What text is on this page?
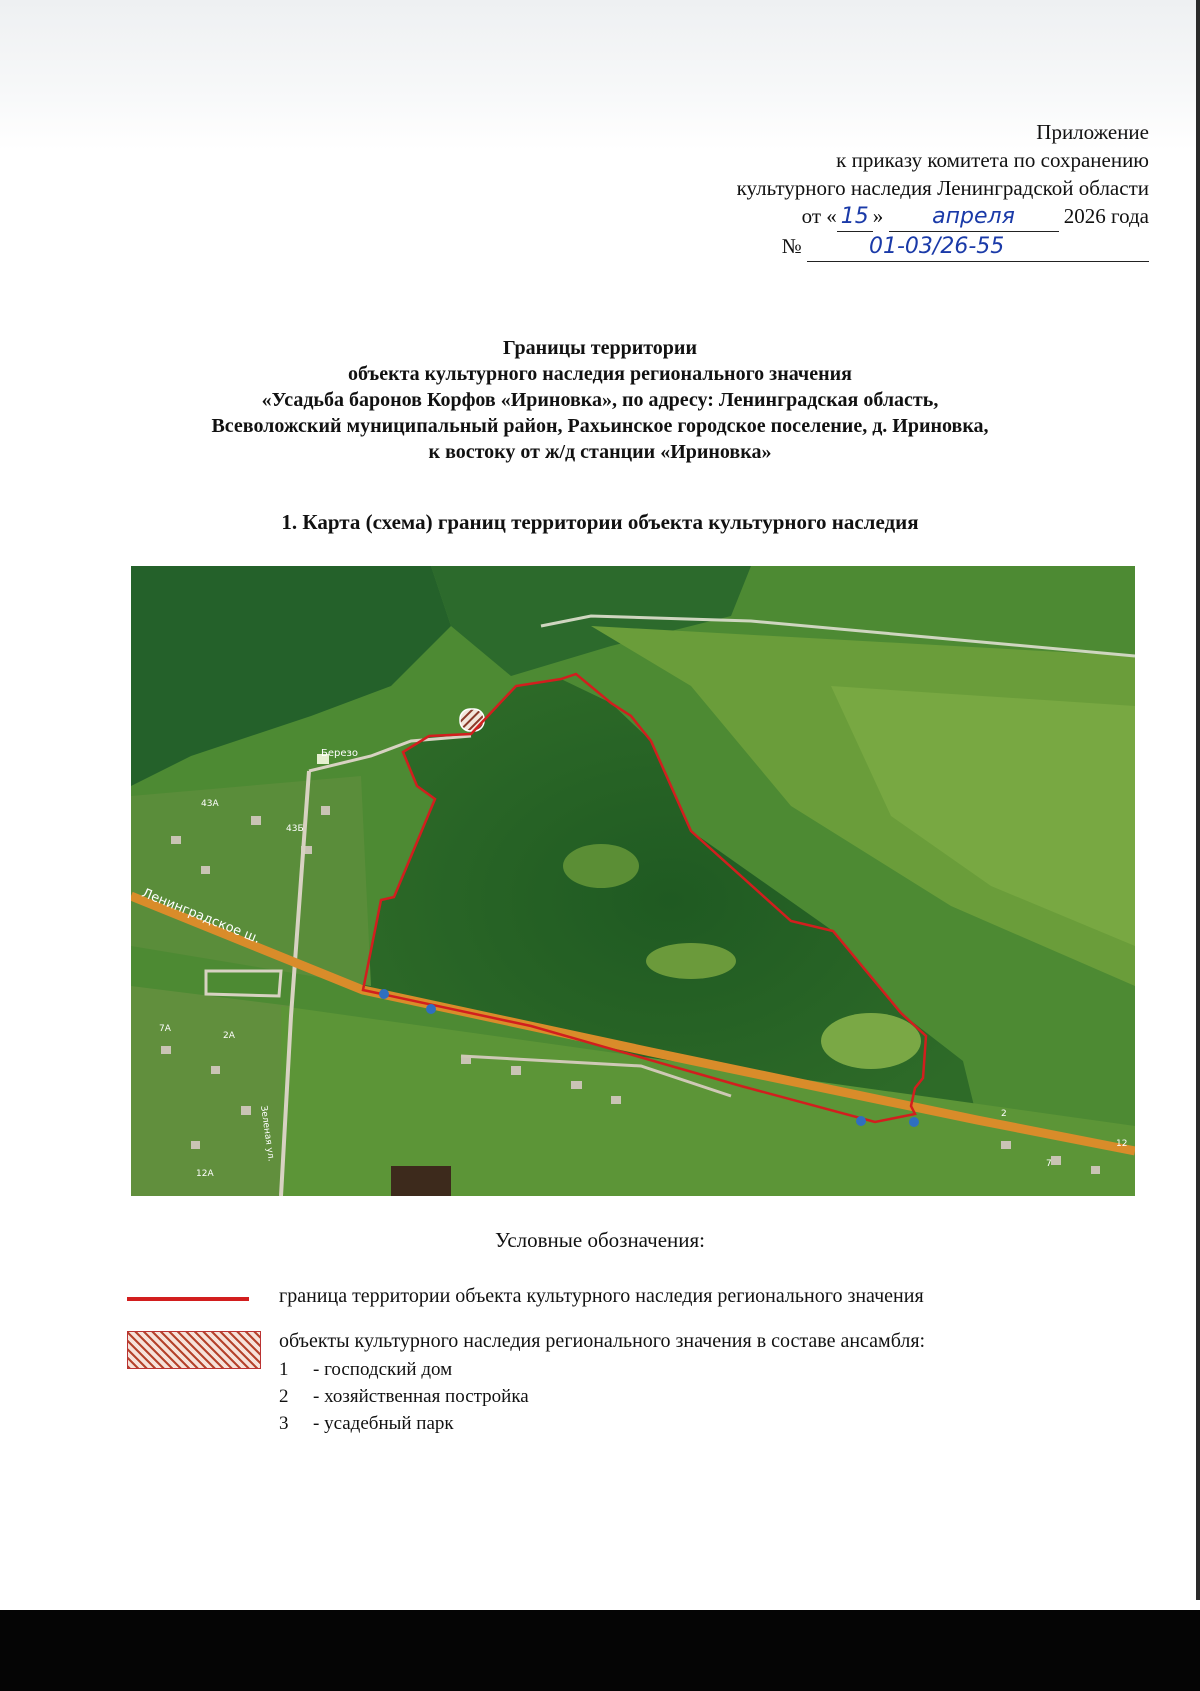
Приложение
к приказу комитета по сохранению
культурного наследия Ленинградской области
от « 15 » апреля 2026 года
№	01-03/26-55
Границы территории
объекта культурного наследия регионального значения
«Усадьба баронов Корфов «Ириновка», по адресу: Ленинградская область,
Всеволожский муниципальный район, Рахьинское городское поселение, д. Ириновка,
к востоку от ж/д станции «Ириновка»
1. Карта (схема) границ территории объекта культурного наследия
Ленинградское ш.
Березо
Зеленая ул.
43А
43Б
7А
2А
12А
2
12
7
Условные обозначения:
граница территории объекта культурного наследия регионального значения
объекты культурного наследия регионального значения в составе ансамбля:
1 - господский дом
2 - хозяйственная постройка
3 - усадебный парк
